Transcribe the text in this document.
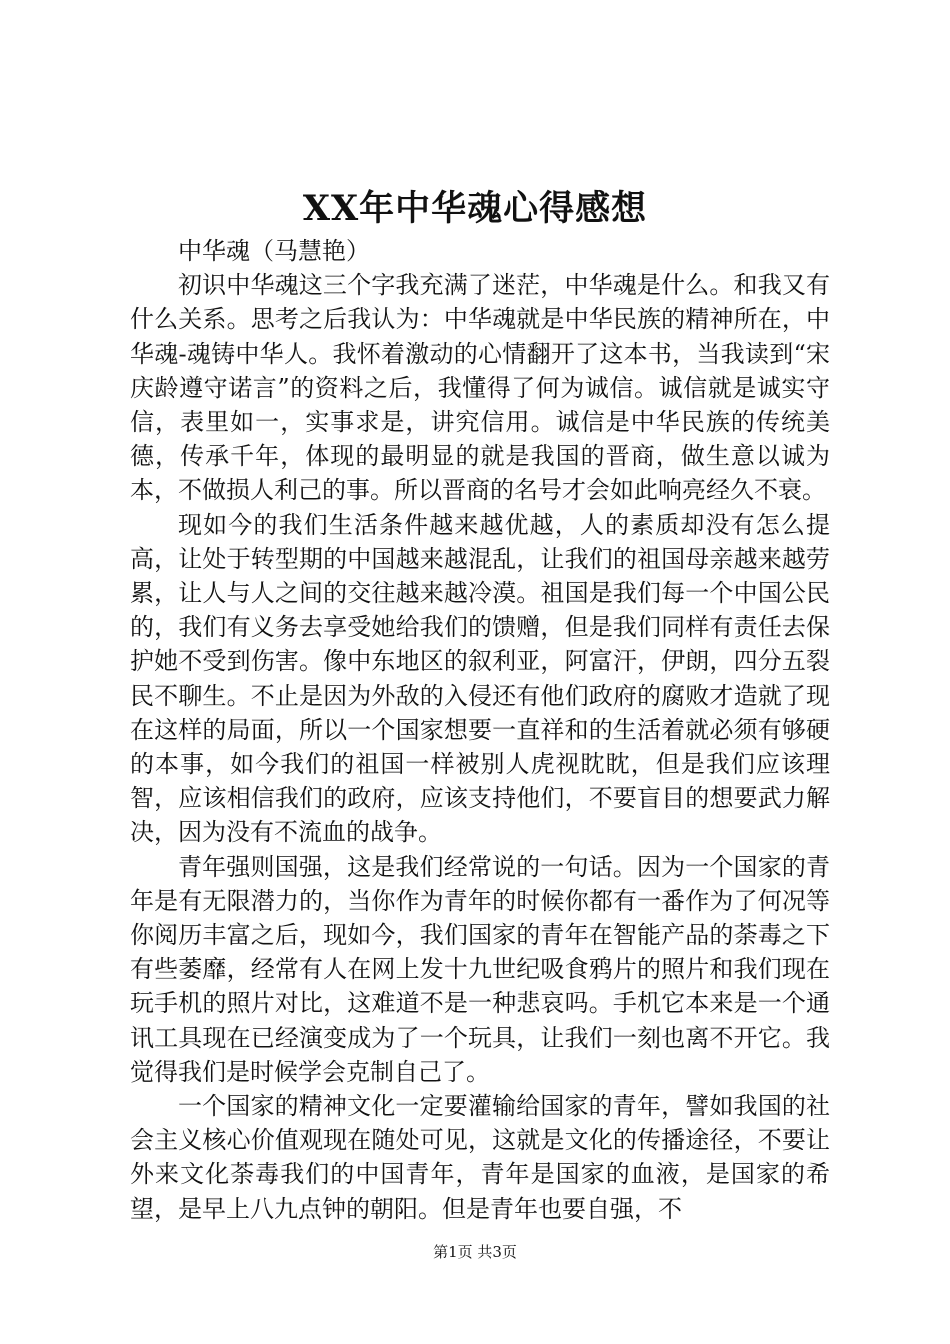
XX年中华魂心得感想

中华魂（马慧艳）

初识中华魂这三个字我充满了迷茫，中华魂是什么。和我又有什么关系。思考之后我认为：中华魂就是中华民族的精神所在，中华魂-魂铸中华人。我怀着激动的心情翻开了这本书，当我读到“宋庆龄遵守诺言”的资料之后，我懂得了何为诚信。诚信就是诚实守信，表里如一，实事求是，讲究信用。诚信是中华民族的传统美德，传承千年，体现的最明显的就是我国的晋商，做生意以诚为本，不做损人利己的事。所以晋商的名号才会如此响亮经久不衰。

现如今的我们生活条件越来越优越，人的素质却没有怎么提高，让处于转型期的中国越来越混乱，让我们的祖国母亲越来越劳累，让人与人之间的交往越来越冷漠。祖国是我们每一个中国公民的，我们有义务去享受她给我们的馈赠，但是我们同样有责任去保护她不受到伤害。像中东地区的叙利亚，阿富汗，伊朗，四分五裂民不聊生。不止是因为外敌的入侵还有他们政府的腐败才造就了现在这样的局面，所以一个国家想要一直祥和的生活着就必须有够硬的本事，如今我们的祖国一样被别人虎视眈眈，但是我们应该理智，应该相信我们的政府，应该支持他们，不要盲目的想要武力解决，因为没有不流血的战争。

青年强则国强，这是我们经常说的一句话。因为一个国家的青年是有无限潜力的，当你作为青年的时候你都有一番作为了何况等你阅历丰富之后，现如今，我们国家的青年在智能产品的荼毒之下有些萎靡，经常有人在网上发十九世纪吸食鸦片的照片和我们现在玩手机的照片对比，这难道不是一种悲哀吗。手机它本来是一个通讯工具现在已经演变成为了一个玩具，让我们一刻也离不开它。我觉得我们是时候学会克制自己了。

一个国家的精神文化一定要灌输给国家的青年，譬如我国的社会主义核心价值观现在随处可见，这就是文化的传播途径，不要让外来文化荼毒我们的中国青年，青年是国家的血液，是国家的希望，是早上八九点钟的朝阳。但是青年也要自强，不

第1页 共3页
